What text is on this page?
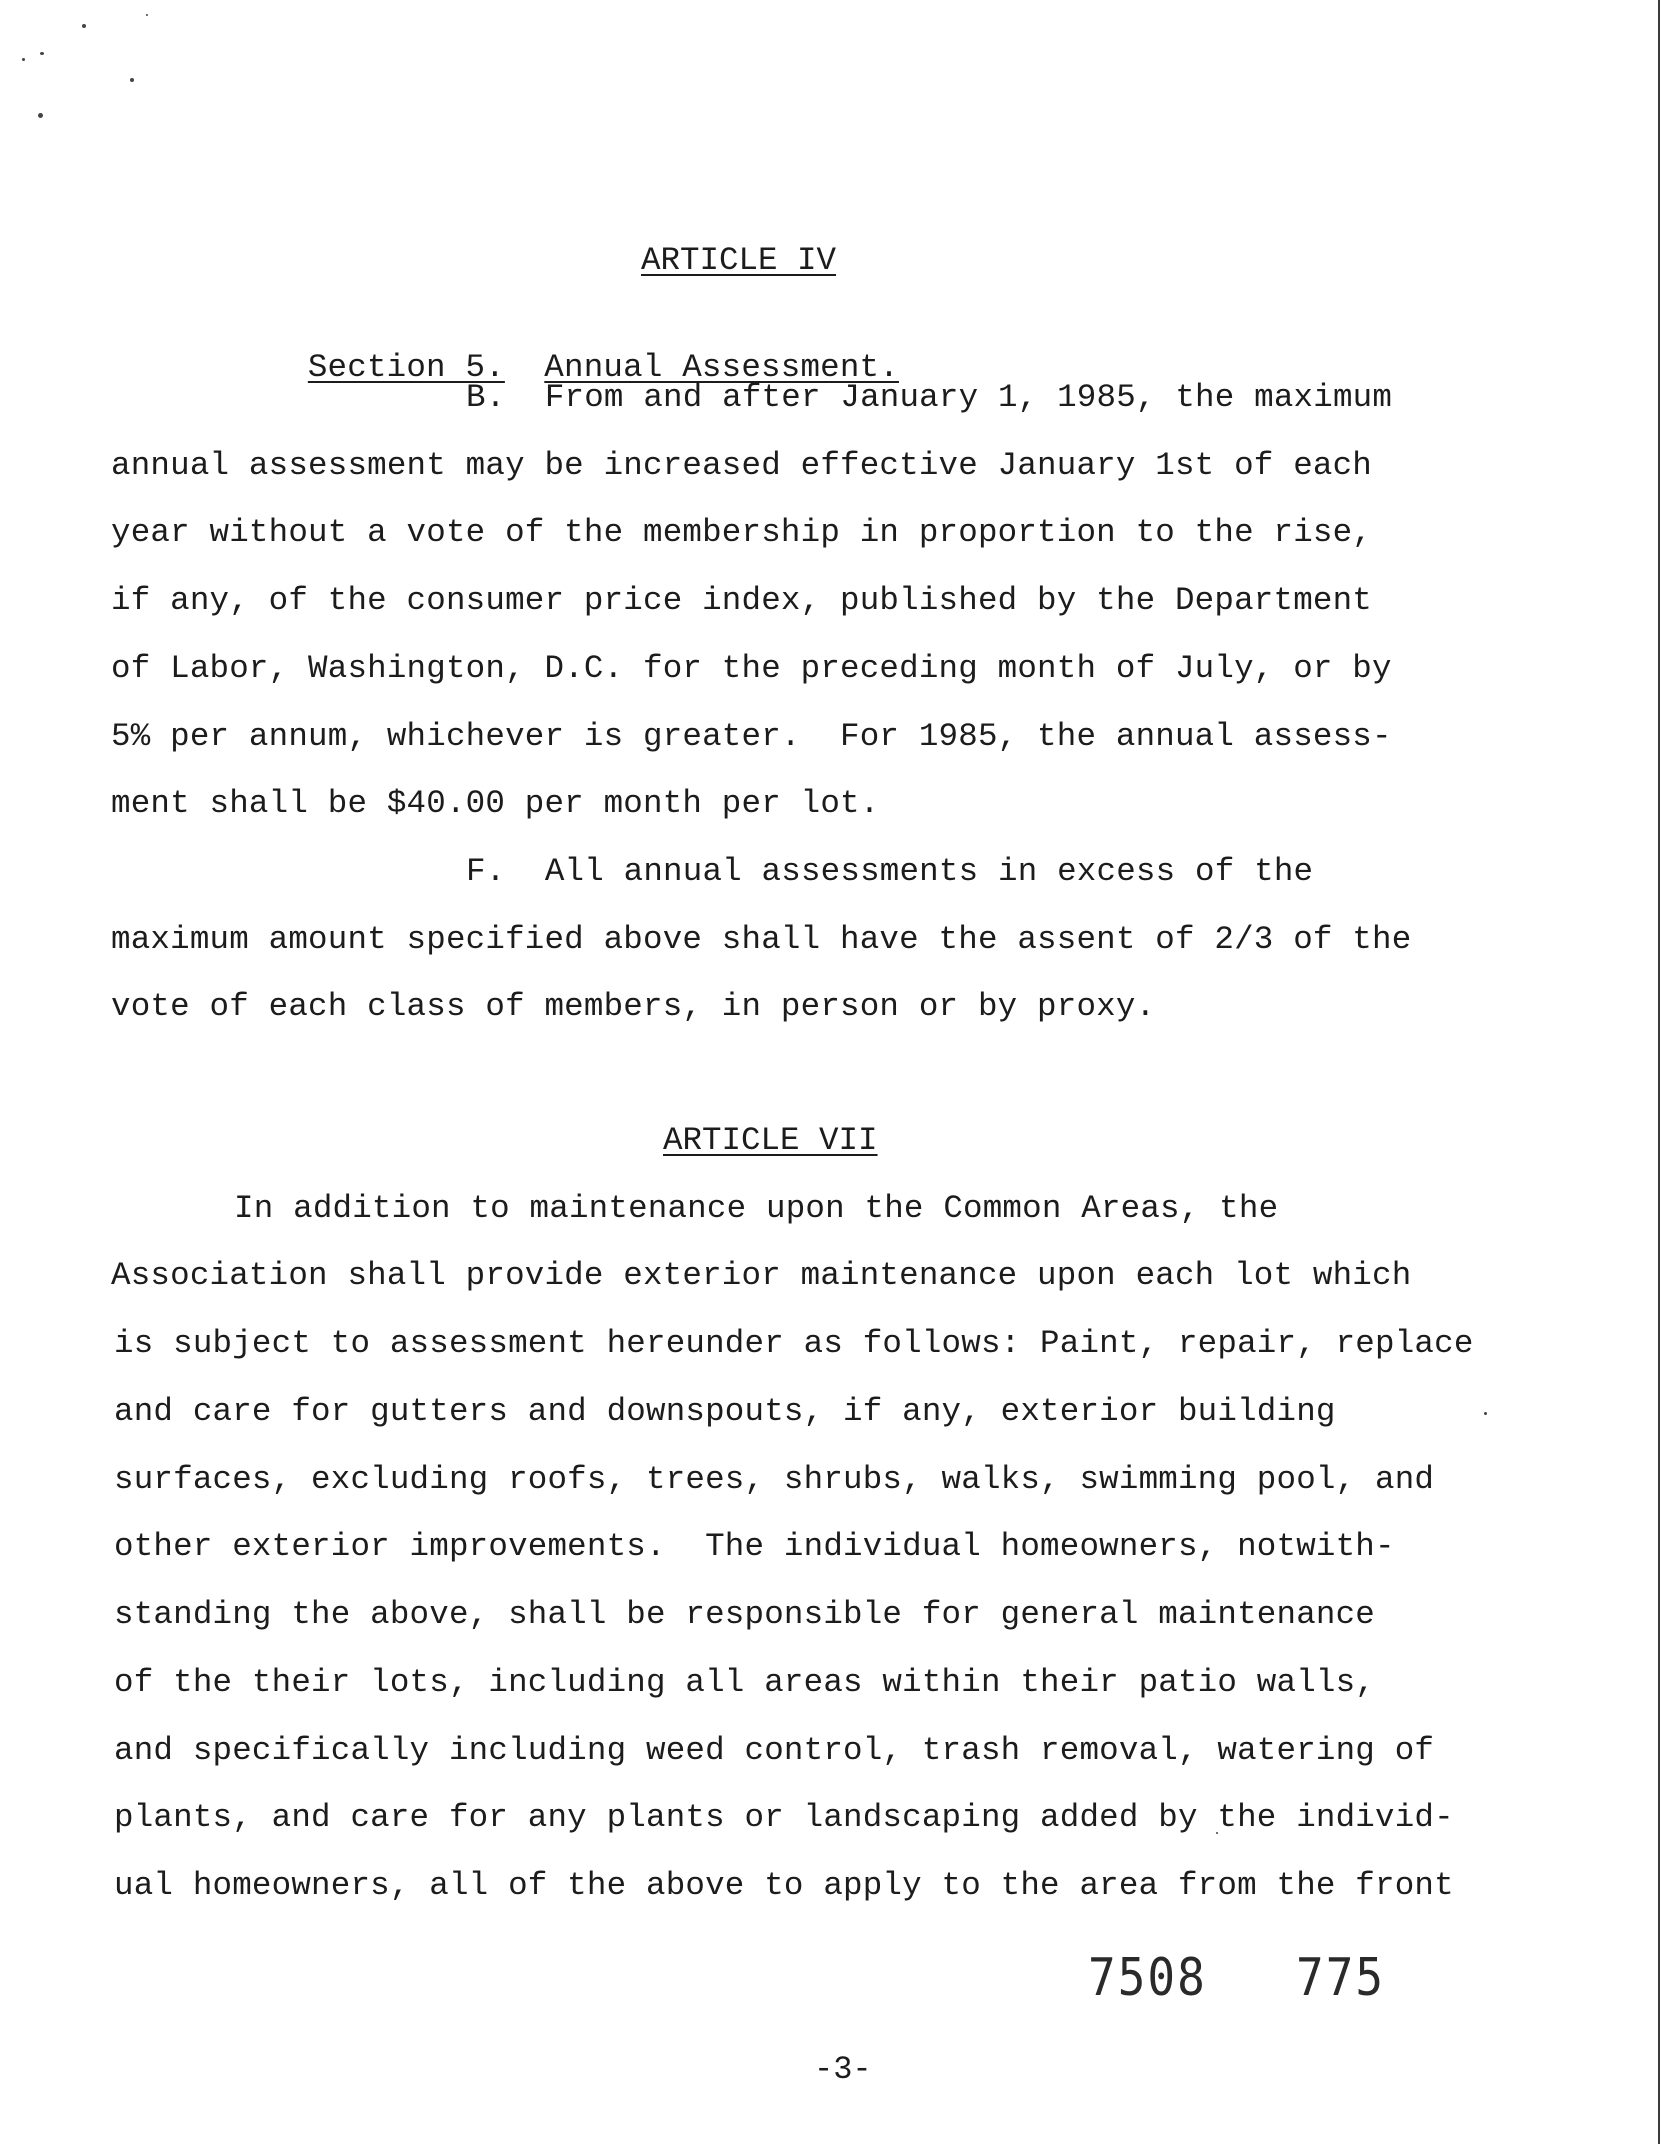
ARTICLE IV

Section 5. Annual Assessment.

B.  From and after January 1, 1985, the maximum
annual assessment may be increased effective January 1st of each
year without a vote of the membership in proportion to the rise,
if any, of the consumer price index, published by the Department
of Labor, Washington, D.C. for the preceding month of July, or by
5% per annum, whichever is greater.  For 1985, the annual assess-
ment shall be $40.00 per month per lot.
F.  All annual assessments in excess of the
maximum amount specified above shall have the assent of 2/3 of the
vote of each class of members, in person or by proxy.
ARTICLE VII
In addition to maintenance upon the Common Areas, the
Association shall provide exterior maintenance upon each lot which
is subject to assessment hereunder as follows: Paint, repair, replace
and care for gutters and downspouts, if any, exterior building
surfaces, excluding roofs, trees, shrubs, walks, swimming pool, and
other exterior improvements.  The individual homeowners, notwith-
standing the above, shall be responsible for general maintenance
of the their lots, including all areas within their patio walls,
and specifically including weed control, trash removal, watering of
plants, and care for any plants or landscaping added by the individ-
ual homeowners, all of the above to apply to the area from the front
7508 775
-3-
